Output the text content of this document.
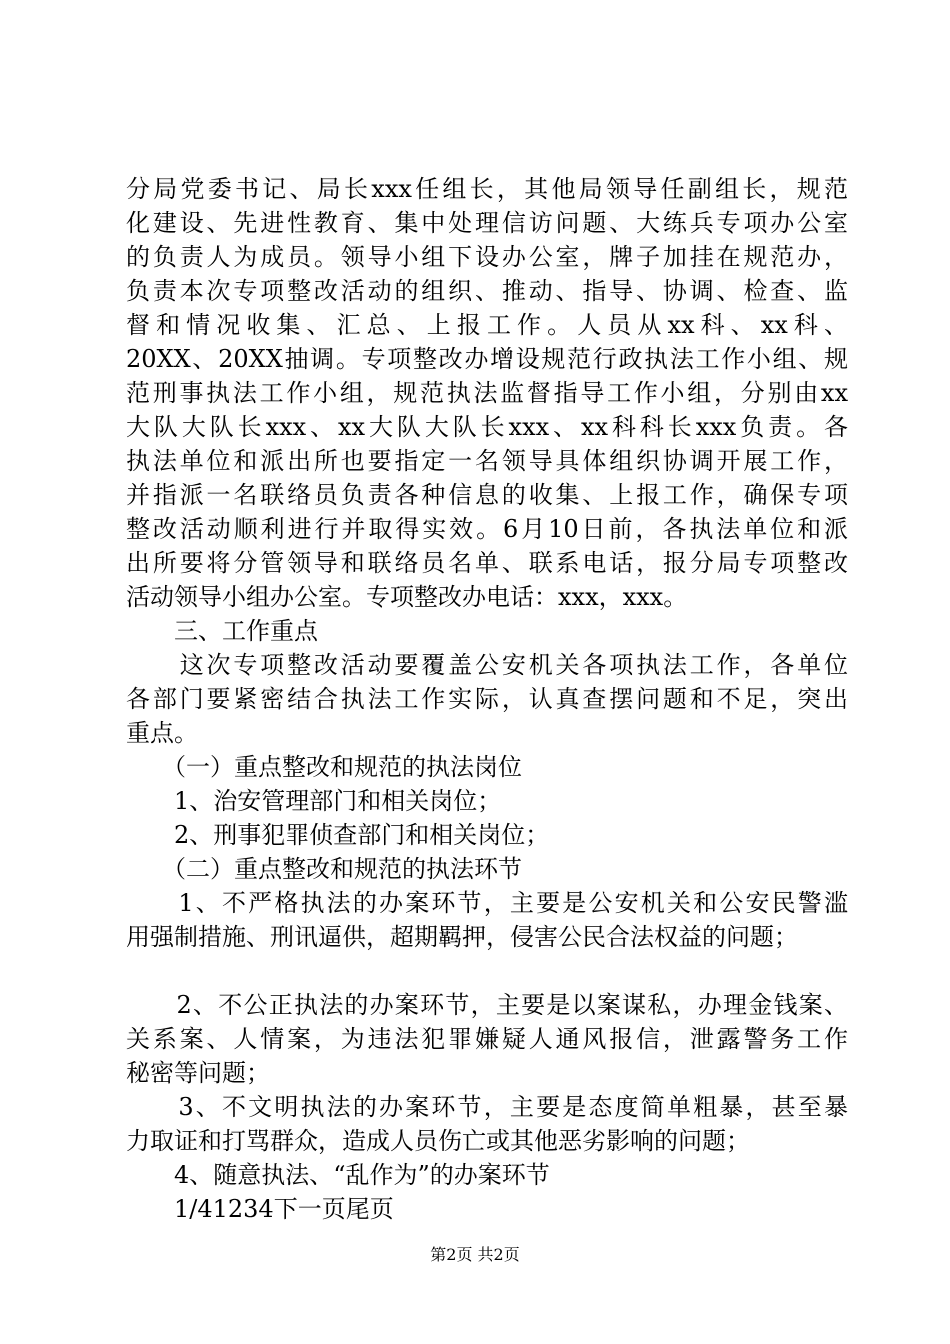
分局党委书记、局长xxx任组长，其他局领导任副组长，规范
化建设、先进性教育、集中处理信访问题、大练兵专项办公室
的负责人为成员。领导小组下设办公室，牌子加挂在规范办，
负责本次专项整改活动的组织、推动、指导、协调、检查、监
督和情况收集、汇总、上报工作。人员从xx科、xx科、
20XX、20XX抽调。专项整改办增设规范行政执法工作小组、规
范刑事执法工作小组，规范执法监督指导工作小组，分别由xx
大队大队长xxx、xx大队大队长xxx、xx科科长xxx负责。各
执法单位和派出所也要指定一名领导具体组织协调开展工作，
并指派一名联络员负责各种信息的收集、上报工作，确保专项
整改活动顺利进行并取得实效。6月10日前，各执法单位和派
出所要将分管领导和联络员名单、联系电话，报分局专项整改
活动领导小组办公室。专项整改办电话：xxx，xxx。
　　三、工作重点
　　这次专项整改活动要覆盖公安机关各项执法工作，各单位
各部门要紧密结合执法工作实际，认真查摆问题和不足，突出
重点。
　　（一）重点整改和规范的执法岗位
　　1、治安管理部门和相关岗位；
　　2、刑事犯罪侦查部门和相关岗位；
　　（二）重点整改和规范的执法环节
　　1、不严格执法的办案环节，主要是公安机关和公安民警滥
用强制措施、刑讯逼供，超期羁押，侵害公民合法权益的问题；
　　2、不公正执法的办案环节，主要是以案谋私，办理金钱案、
关系案、人情案，为违法犯罪嫌疑人通风报信，泄露警务工作
秘密等问题；
　　3、不文明执法的办案环节，主要是态度简单粗暴，甚至暴
力取证和打骂群众，造成人员伤亡或其他恶劣影响的问题；
　　4、随意执法、“乱作为”的办案环节
　　1/41234下一页尾页
第2页 共2页
